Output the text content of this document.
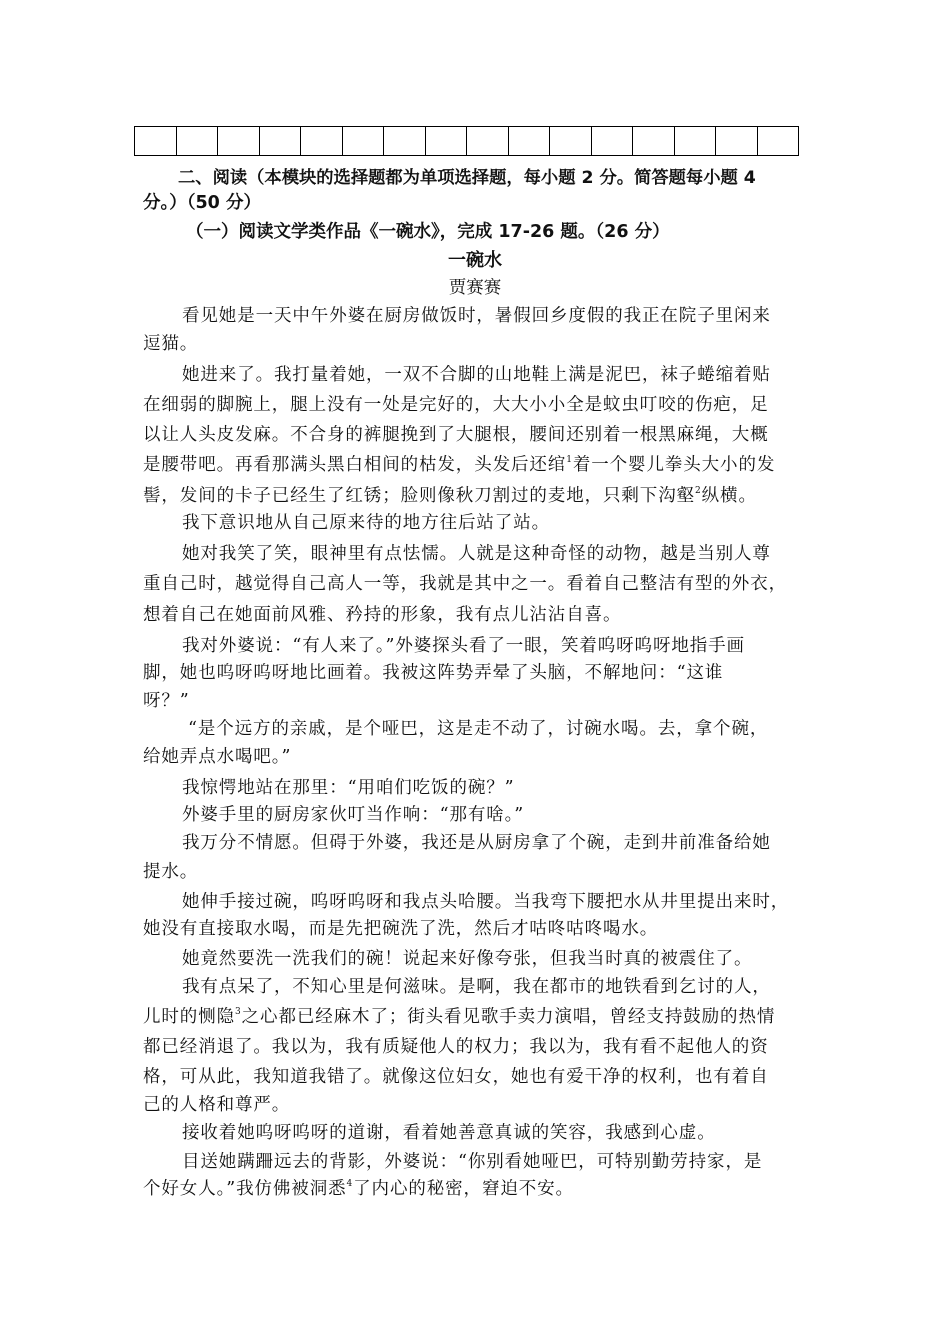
二、阅读（本模块的选择题都为单项选择题，每小题 2 分。简答题每小题 4
分。）（50 分）
（一）阅读文学类作品《一碗水》，完成 17-26 题。（26 分）
一碗水
贾赛赛
看见她是一天中午外婆在厨房做饭时，暑假回乡度假的我正在院子里闲来
逗猫。
她进来了。我打量着她，一双不合脚的山地鞋上满是泥巴，袜子蜷缩着贴
在细弱的脚腕上，腿上没有一处是完好的，大大小小全是蚊虫叮咬的伤疤，足
以让人头皮发麻。不合身的裤腿挽到了大腿根，腰间还别着一根黑麻绳，大概
是腰带吧。再看那满头黑白相间的枯发，头发后还绾$^1$着一个婴儿拳头大小的发
髻，发间的卡子已经生了红锈；脸则像秋刀割过的麦地，只剩下沟壑$^2$纵横。
我下意识地从自己原来待的地方往后站了站。
她对我笑了笑，眼神里有点怯懦。人就是这种奇怪的动物，越是当别人尊
重自己时，越觉得自己高人一等，我就是其中之一。看着自己整洁有型的外衣，
想着自己在她面前风雅、矜持的形象，我有点儿沾沾自喜。
我对外婆说：“有人来了。”外婆探头看了一眼，笑着呜呀呜呀地指手画
脚，她也呜呀呜呀地比画着。我被这阵势弄晕了头脑，不解地问：“这谁
呀？”
“是个远方的亲戚，是个哑巴，这是走不动了，讨碗水喝。去，拿个碗，
给她弄点水喝吧。”
我惊愕地站在那里：“用咱们吃饭的碗？”
外婆手里的厨房家伙叮当作响：“那有啥。”
我万分不情愿。但碍于外婆，我还是从厨房拿了个碗，走到井前准备给她
提水。
她伸手接过碗，呜呀呜呀和我点头哈腰。当我弯下腰把水从井里提出来时，
她没有直接取水喝，而是先把碗洗了洗，然后才咕咚咕咚喝水。
她竟然要洗一洗我们的碗！说起来好像夸张，但我当时真的被震住了。
我有点呆了，不知心里是何滋味。是啊，我在都市的地铁看到乞讨的人，
儿时的恻隐$^3$之心都已经麻木了；街头看见歌手卖力演唱，曾经支持鼓励的热情
都已经消退了。我以为，我有质疑他人的权力；我以为，我有看不起他人的资
格，可从此，我知道我错了。就像这位妇女，她也有爱干净的权利，也有着自
己的人格和尊严。
接收着她呜呀呜呀的道谢，看着她善意真诚的笑容，我感到心虚。
目送她蹒跚远去的背影，外婆说：“你别看她哑巴，可特别勤劳持家，是
个好女人。”我仿佛被洞悉$^4$了内心的秘密，窘迫不安。
